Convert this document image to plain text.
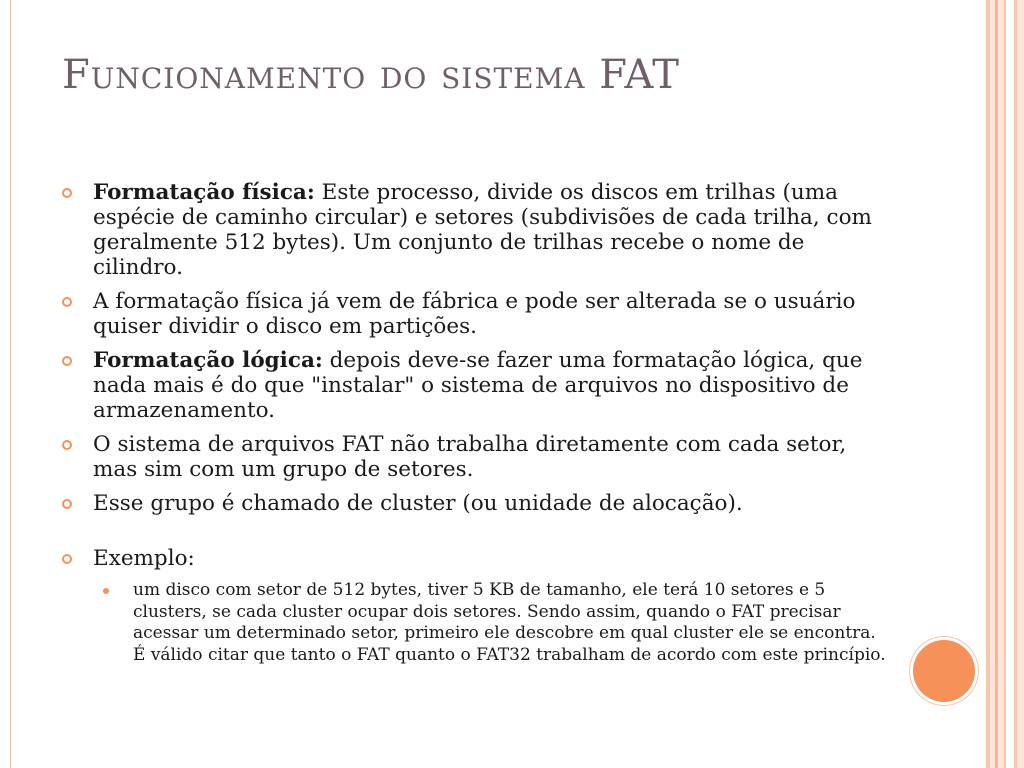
Funcionamento do sistema FAT
Formatação física: Este processo, divide os discos em trilhas (uma espécie de caminho circular) e setores (subdivisões de cada trilha, com geralmente 512 bytes). Um conjunto de trilhas recebe o nome de cilindro.
A formatação física já vem de fábrica e pode ser alterada se o usuário quiser dividir o disco em partições.
Formatação lógica: depois deve-se fazer uma formatação lógica, que nada mais é do que "instalar" o sistema de arquivos no dispositivo de armazenamento.
O sistema de arquivos FAT não trabalha diretamente com cada setor, mas sim com um grupo de setores.
Esse grupo é chamado de cluster (ou unidade de alocação).
Exemplo:
um disco com setor de 512 bytes, tiver 5 KB de tamanho, ele terá 10 setores e 5 clusters, se cada cluster ocupar dois setores. Sendo assim, quando o FAT precisar acessar um determinado setor, primeiro ele descobre em qual cluster ele se encontra. É válido citar que tanto o FAT quanto o FAT32 trabalham de acordo com este princípio.
